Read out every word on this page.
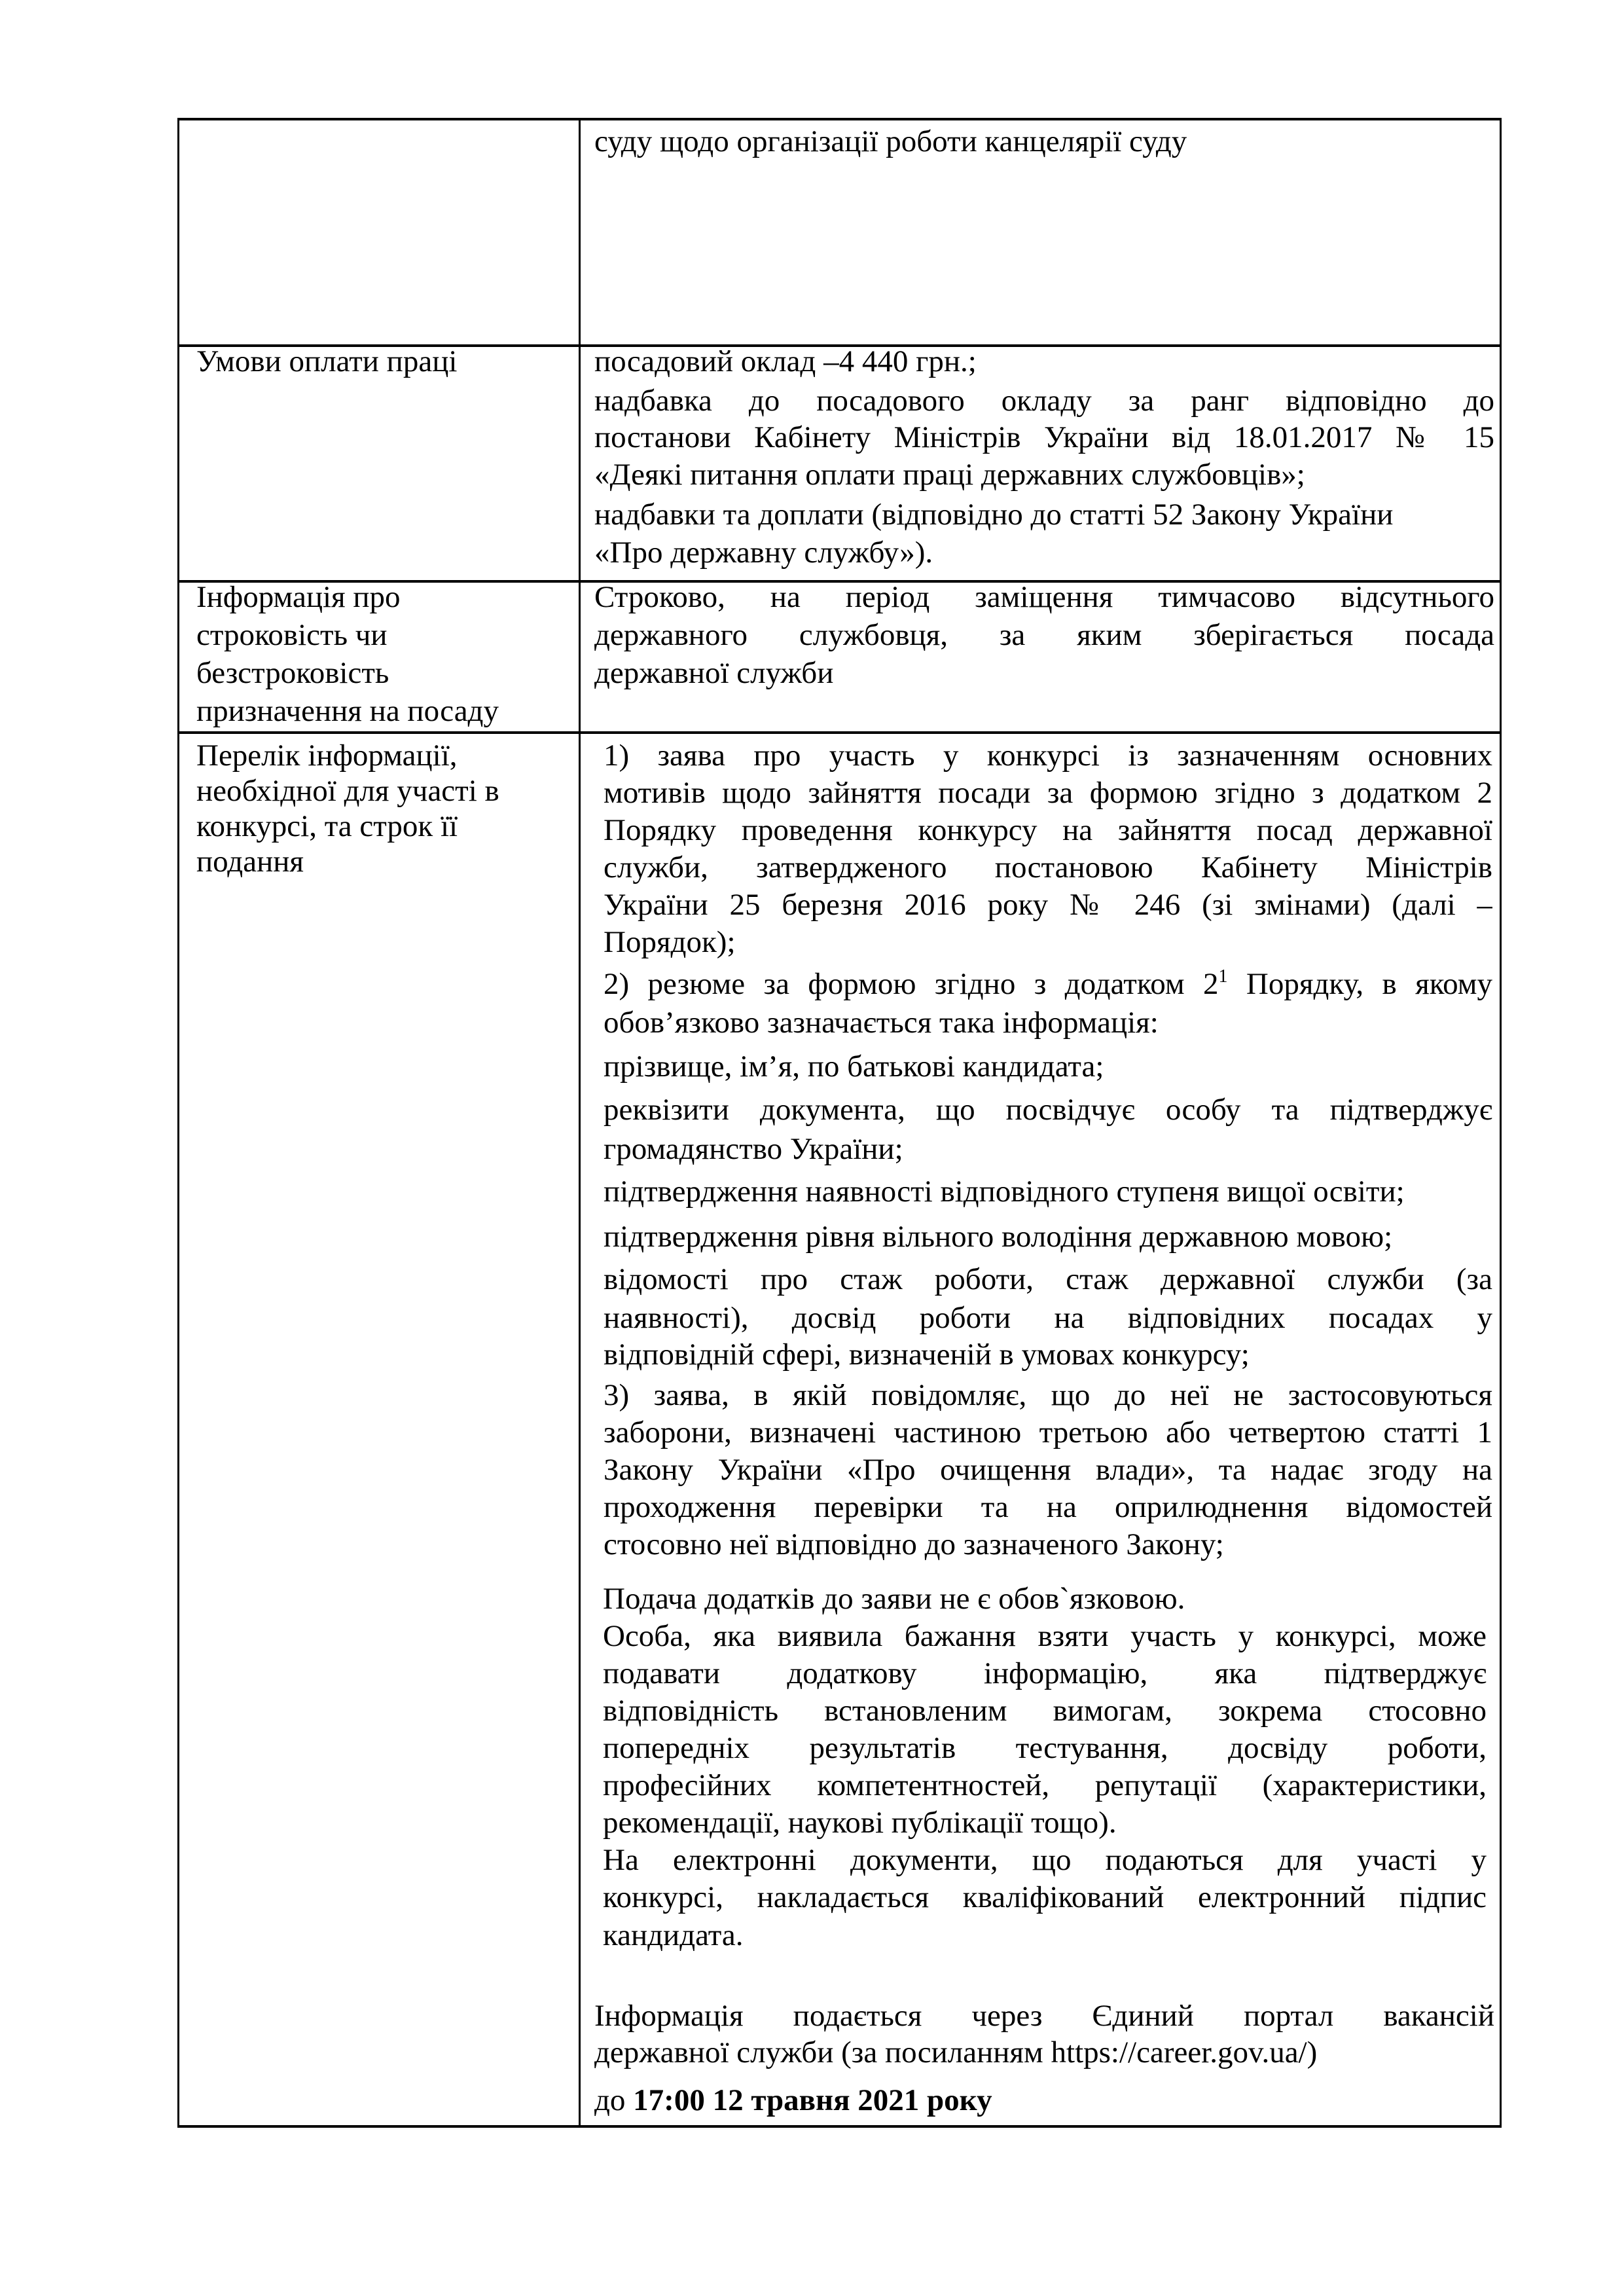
суду щодо організації роботи канцелярії суду
Умови оплати праці	посадовий оклад –4 440 грн.;
надбавка до посадового окладу за ранг відповідно до
постанови Кабінету Міністрів України від 18.01.2017 № 15
«Деякі питання оплати праці державних службовців»;
надбавки та доплати (відповідно до статті 52 Закону України
«Про державну службу»).
Інформація про
строковість чи
безстроковість
призначення на посаду
Строково, на період заміщення тимчасово відсутнього
державного службовця, за яким зберігається посада
державної служби
Перелік інформації,
необхідної для участі в
конкурсі, та строк її
подання
1) заява про участь у конкурсі із зазначенням основних
мотивів щодо зайняття посади за формою згідно з додатком 2
Порядку проведення конкурсу на зайняття посад державної
служби, затвердженого постановою Кабінету Міністрів
України 25 березня 2016 року № 246 (зі змінами) (далі –
Порядок);
2) резюме за формою згідно з додатком $2^1$ Порядку, в якому
обов’язково зазначається така інформація:
прізвище, ім’я, по батькові кандидата;
реквізити документа, що посвідчує особу та підтверджує
громадянство України;
підтвердження наявності відповідного ступеня вищої освіти;
підтвердження рівня вільного володіння державною мовою;
відомості про стаж роботи, стаж державної служби (за
наявності), досвід роботи на відповідних посадах у
відповідній сфері, визначеній в умовах конкурсу;
3) заява, в якій повідомляє, що до неї не застосовуються
заборони, визначені частиною третьою або четвертою статті 1
Закону України «Про очищення влади», та надає згоду на
проходження перевірки та на оприлюднення відомостей
стосовно неї відповідно до зазначеного Закону;
Подача додатків до заяви не є обов`язковою.
Особа, яка виявила бажання взяти участь у конкурсі, може
подавати додаткову інформацію, яка підтверджує
відповідність встановленим вимогам, зокрема стосовно
попередніх результатів тестування, досвіду роботи,
професійних компетентностей, репутації (характеристики,
рекомендації, наукові публікації тощо).
На електронні документи, що подаються для участі у
конкурсі, накладається кваліфікований електронний підпис
кандидата.
Інформація подається через Єдиний портал вакансій
державної служби (за посиланням https://career.gov.ua/)
до 17:00 12 травня 2021 року
